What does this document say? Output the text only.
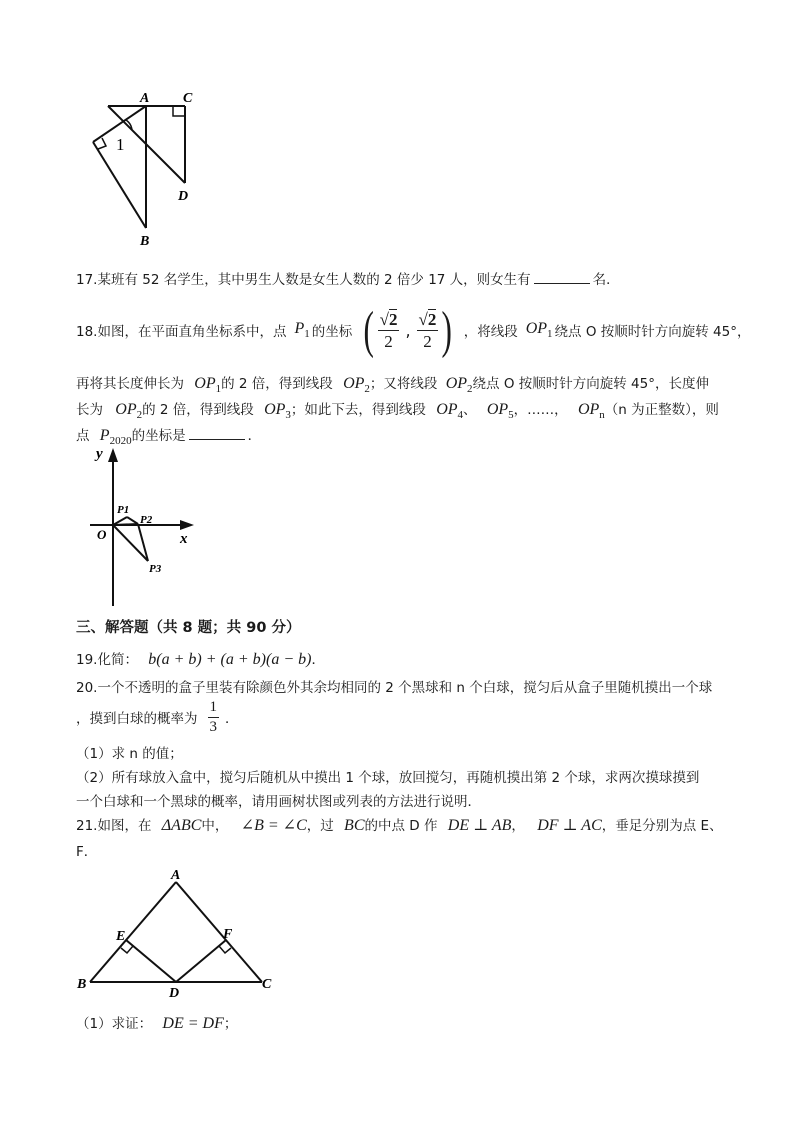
A C
D
B
1
17.某班有 52 名学生，其中男生人数是女生人数的 2 倍少 17 人，则女生有	名．
18.如图，在平面直角坐标系中，点 $P_1$ 的坐标 ( $\frac{√2}{2}$ , $\frac{√2}{2}$ ) ，将线段 $OP_1$ 绕点 O 按顺时针方向旋转 45°，
再将其长度伸长为 $OP_1$的 2 倍，得到线段 $OP_2$；又将线段 $OP_2$绕点 O 按顺时针方向旋转 45°，长度伸
长为 $OP_2$的 2 倍，得到线段 $OP_3$；如此下去，得到线段 $OP_4$、 $OP_5$，……， $OP_n(n$ 为正整数），则
点 $P_{2020}$的坐标是	．
y
x
O
P1
P2
P3
三、解答题（共 8 题；共 90 分）
19.化简： b(a + b) + (a + b)(a − b)．
20.一个不透明的盒子里装有除颜色外其余均相同的 2 个黑球和 n 个白球，搅匀后从盒子里随机摸出一个球
，摸到白球的概率为 $\frac{1}{3}$ ．
（1）求 n 的值；
（2）所有球放入盒中，搅匀后随机从中摸出 1 个球，放回搅匀，再随机摸出第 2 个球，求两次摸球摸到
一个白球和一个黑球的概率，请用画树状图或列表的方法进行说明．
21.如图，在 ΔABC中， ∠B = ∠C，过 BC的中点 D 作 DE ⊥ AB， DF ⊥ AC，垂足分别为点 E、
F．
A
B	C
D
E	F
（1）求证： DE = DF；
